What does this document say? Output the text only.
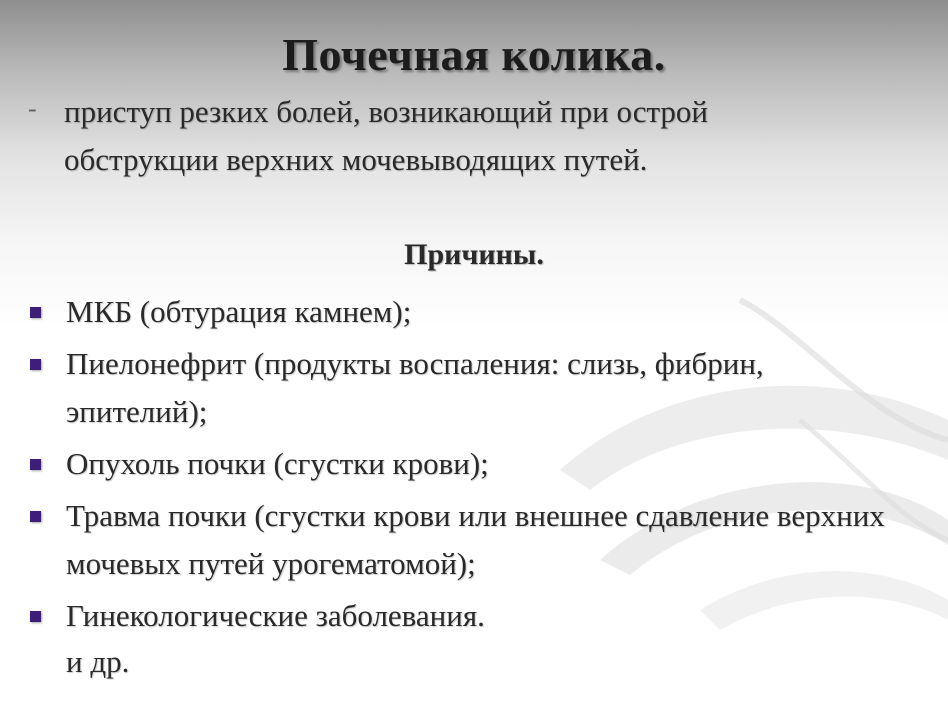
Почечная колика.
- приступ резких болей, возникающий при острой обструкции верхних мочевыводящих путей.
Причины.
МКБ (обтурация камнем);
Пиелонефрит (продукты воспаления: слизь, фибрин, эпителий);
Опухоль почки (сгустки крови);
Травма почки (сгустки крови или внешнее сдавление верхних мочевых путей урогематомой);
Гинекологические заболевания.
и др.
